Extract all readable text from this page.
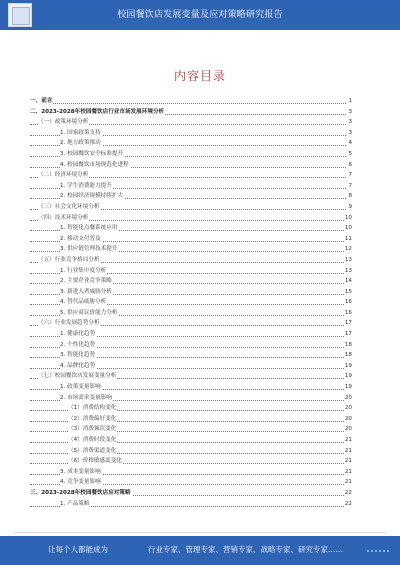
校园餐饮店发展变量及应对策略研究报告
内容目录
一、前言	1
二、2023-2028年校园餐饮店行业市场发展环境分析	3
（一）政策环境分析	3
1. 国家政策支持	3
2. 地方政策推动	4
3. 校园餐饮安全标准提升	5
4. 校园餐饮市场规范化进程	6
（二）经济环境分析	7
1. 学生消费能力提升	7
2. 校园经济规模持续扩大	8
（三）社会文化环境分析	9
（四）技术环境分析	10
1. 智能化点餐系统应用	10
2. 移动支付普及	11
3. 供应链管理技术提升	12
（五）行业竞争格局分析	13
1. 行业集中度分析	13
2. 主要企业竞争策略	14
3. 新进入者威胁分析	15
4. 替代品威胁分析	16
5. 供应商议价能力分析	16
（六）行业发展趋势分析	17
1. 健康化趋势	17
2. 个性化趋势	18
3. 智能化趋势	18
4. 品牌化趋势	19
（七）校园餐饮店发展变量分析	19
1. 政策变量影响	19
2. 市场需求变量影响	20
（1）消费结构变化	20
（2）消费偏好变化	20
（3）消费频次变化	20
（4）消费时段变化	21
（5）消费渠道变化	21
（6）价格敏感度变化	21
3. 成本变量影响	21
4. 竞争变量影响	21
三、2023-2028年校园餐饮店应对策略	22
1. 产品策略	22
让每个人都能成为	行业专家、管理专家、营销专家、战略专家、研究专家……
